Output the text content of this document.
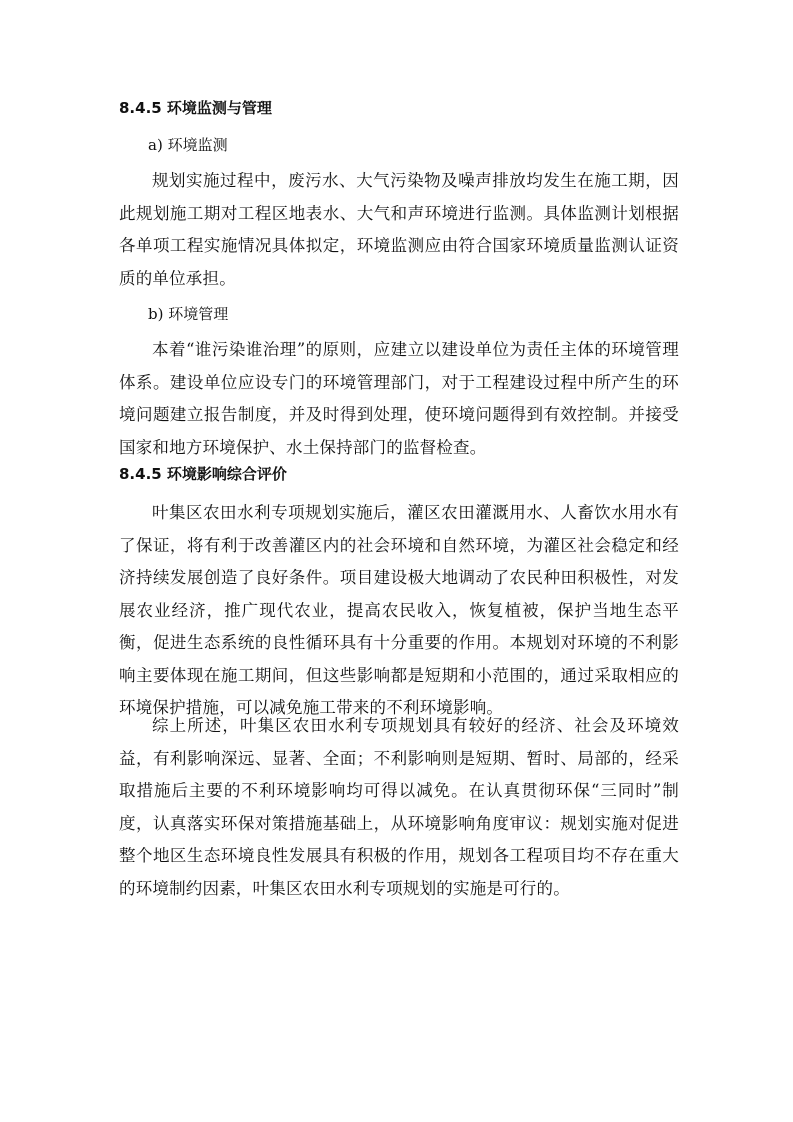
8.4.5 环境监测与管理
a) 环境监测

规划实施过程中，废污水、大气污染物及噪声排放均发生在施工期，因此规划施工期对工程区地表水、大气和声环境进行监测。具体监测计划根据各单项工程实施情况具体拟定，环境监测应由符合国家环境质量监测认证资质的单位承担。

b) 环境管理

本着“谁污染谁治理”的原则，应建立以建设单位为责任主体的环境管理体系。建设单位应设专门的环境管理部门，对于工程建设过程中所产生的环境问题建立报告制度，并及时得到处理，使环境问题得到有效控制。并接受国家和地方环境保护、水土保持部门的监督检查。

8.4.5 环境影响综合评价

叶集区农田水利专项规划实施后，灌区农田灌溉用水、人畜饮水用水有了保证，将有利于改善灌区内的社会环境和自然环境，为灌区社会稳定和经济持续发展创造了良好条件。项目建设极大地调动了农民种田积极性，对发展农业经济，推广现代农业，提高农民收入，恢复植被，保护当地生态平衡，促进生态系统的良性循环具有十分重要的作用。本规划对环境的不利影响主要体现在施工期间，但这些影响都是短期和小范围的，通过采取相应的环境保护措施，可以减免施工带来的不利环境影响。

综上所述，叶集区农田水利专项规划具有较好的经济、社会及环境效益，有利影响深远、显著、全面；不利影响则是短期、暂时、局部的，经采取措施后主要的不利环境影响均可得以减免。在认真贯彻环保“三同时”制度，认真落实环保对策措施基础上，从环境影响角度审议：规划实施对促进整个地区生态环境良性发展具有积极的作用，规划各工程项目均不存在重大的环境制约因素，叶集区农田水利专项规划的实施是可行的。
